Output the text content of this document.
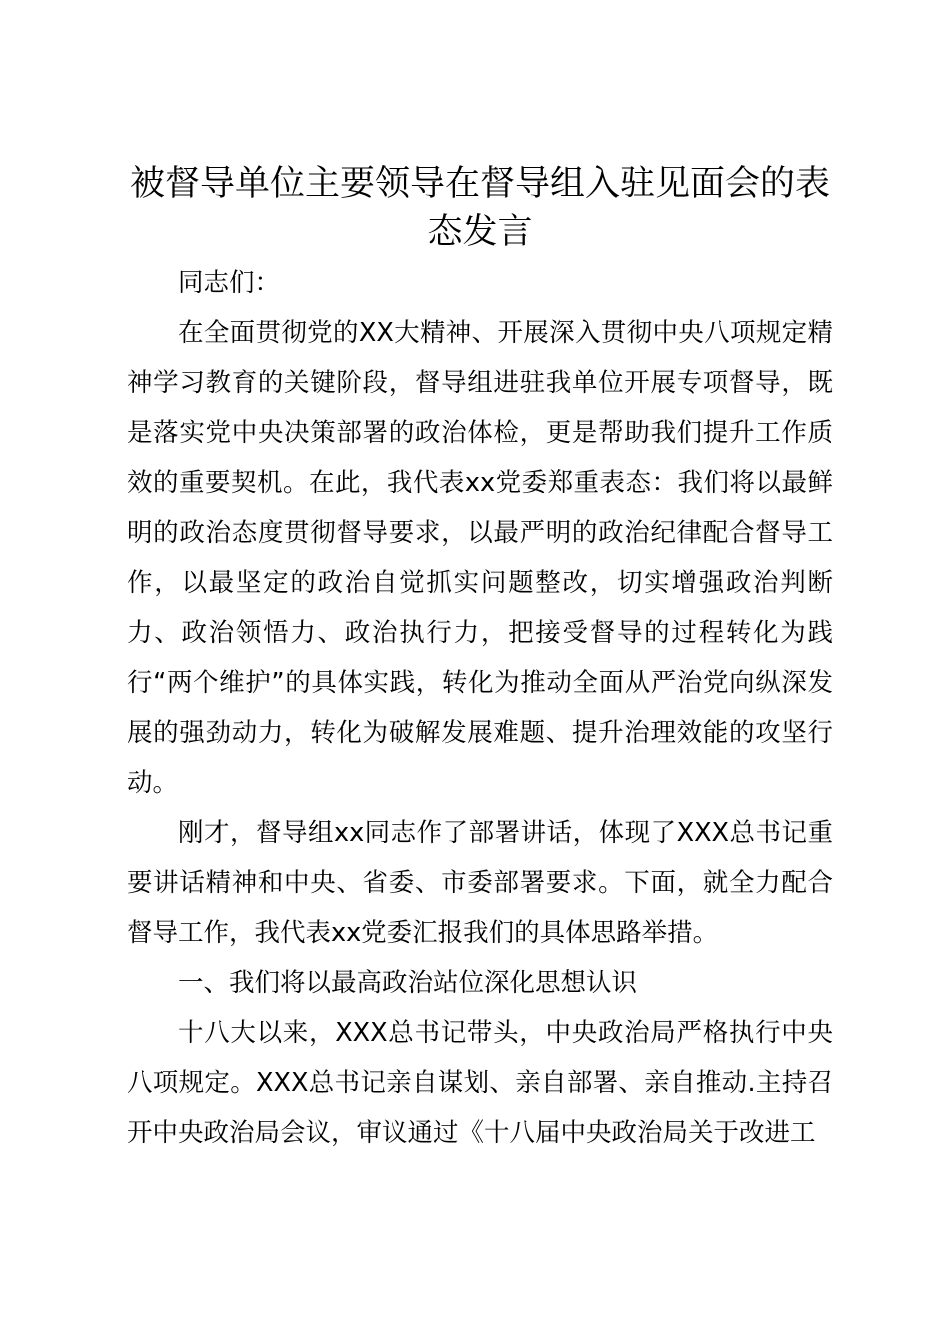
被督导单位主要领导在督导组入驻见面会的表态发言

同志们：

在全面贯彻党的XX大精神、开展深入贯彻中央八项规定精神学习教育的关键阶段，督导组进驻我单位开展专项督导，既是落实党中央决策部署的政治体检，更是帮助我们提升工作质效的重要契机。在此，我代表xx党委郑重表态：我们将以最鲜明的政治态度贯彻督导要求，以最严明的政治纪律配合督导工作，以最坚定的政治自觉抓实问题整改，切实增强政治判断力、政治领悟力、政治执行力，把接受督导的过程转化为践行“两个维护”的具体实践，转化为推动全面从严治党向纵深发展的强劲动力，转化为破解发展难题、提升治理效能的攻坚行动。

刚才，督导组xx同志作了部署讲话，体现了XXX总书记重要讲话精神和中央、省委、市委部署要求。下面，就全力配合督导工作，我代表xx党委汇报我们的具体思路举措。

一、我们将以最高政治站位深化思想认识

十八大以来，XXX总书记带头，中央政治局严格执行中央八项规定。XXX总书记亲自谋划、亲自部署、亲自推动.主持召开中央政治局会议，审议通过《十八届中央政治局关于改进工
